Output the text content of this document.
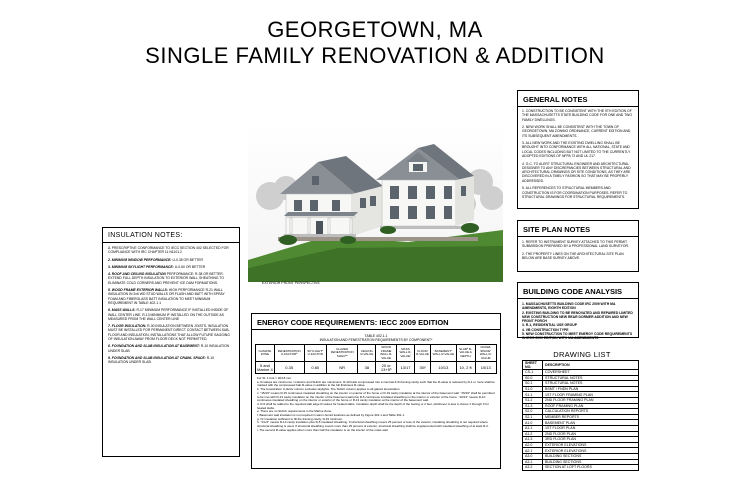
GEORGETOWN, MA
SINGLE FAMILY RENOVATION & ADDITION
GENERAL NOTES

1. CONSTRUCTION TO BE CONSISTENT WITH THE 9TH EDITION OF THE MASSACHUSETTS STATE BUILDING CODE FOR ONE AND TWO FAMILY DWELLINGS.

2. NEW WORK SHALL BE CONSISTENT WITH THE TOWN OF GEORGETOWN, MA ZONING ORDINANCE, CURRENT EDITION AND ITS SUBSEQUENT AMENDMENTS.

3. ALL NEW WORK AND THE EXISTING DWELLING SHALL BE BROUGHT INTO CONFORMANCE WITH ALL NATIONAL, STATE AND LOCAL CODES INCLUDING BUT NOT LIMITED TO THE CURRENTLY ADOPTED EDITIONS OF NFPA 72 AND UL 217.

4. G.C. TO ALERT STRUCTURAL ENGINEER AND ARCHITECTURAL DESIGNER TO ANY DISCREPANCIES BETWEEN STRUCTURAL AND ARCHITECTURAL DRAWINGS OR SITE CONDITIONS, AS THEY ARE DISCOVERED IN A TIMELY FASHION SO THAT MAY BE PROPERLY ADDRESSED.

5. ALL REFERENCES TO STRUCTURAL MEMBERS AND CONSTRUCTION IS FOR COORDINATION PURPOSES. REFER TO STRUCTURAL DRAWINGS FOR STRUCTURAL REQUIREMENTS.

SITE PLAN NOTES

1. REFER TO INSTRUMENT SURVEY ATTACHED TO THIS PERMIT SUBMISSION PREPARED BY A PROFESSIONAL LAND SURVEYOR.

2. THE PROPERTY LINES ON THE ARCHITECTURAL SITE PLAN BELOW ARE BASE SURVEY ABOVE.

BUILDING CODE ANALYSIS
1. MASSACHUSETTS BUILDING CODE IRC 2009 WITH MA AMENDMENTS, EIGHTH EDITION
2. EXISTING BUILDING TO BE RENOVATED AND REPAIRED LIMITED NEW CONSTRUCTION NEW REAR DORMER ADDITION AND NEW FRONT PORCH
3. R-1, RESIDENTIAL USE GROUP
4. VB CONSTRUCTION TYPE
5. NEW CONSTRUCTION TO MEET ENERGY CODE REQUIREMENTS IN IECC 2009 EDITION WITH MA AMENDMENTS
INSULATION NOTES:

1. PRESCRIPTIVE CONFORMANCE TO IECC SECTION 402 SELECTED FOR COMPLIANCE WITH IRC CHAPTER 11 N1101.2

2. MINIMUM WINDOW PERFORMANCE: U-0.35 OR BETTER

3. MINIMUM SKYLIGHT PERFORMANCE: U-0.60 OR BETTER

4. ROOF AND CEILING INSULATION PERFORMANCE: R-38 OR BETTER. EXTEND FULL DEPTH INSULATION TO EXTERIOR WALL SHEATHING TO ELIMINATE COLD CORNERS AND PREVENT ICE DAM FORMATIONS.

5. WOOD FRAME EXTERIOR WALLS: HIGH PERFORMANCE R-21 WALL INSULATION IN 2x6 WD STUD WALLS OR FLASH AND BATT WITH SPRAY FOAM AND FIBERGLASS BATT INSULATION TO MEET MINIMUM REQUIREMENT IN TABLE 402.1.1

6. MASS WALLS: R-17 MINIMUM PERFORMANCE IF INSTALLED INSIDE OF WALL CENTER LINE. R-13 MINIMUM IF INSTALLED ON THE OUTSIDE AS MEASURED FROM THE WALL CENTER LINE

7. FLOOR INSULATION: R-30 INSULATION BETWEEN JOISTS. INSULATION MUST BE INSTALLED FOR PERMANENT DIRECT CONTACT BETWEEN SUB-FLOOR AND INSULATION. INSTALLATIONS THAT ALLOW FUTURE SAGGING OF INSULATION AWAY FROM FLOOR DECK NOT PERMITTED.

8. FOUNDATION AND SLAB INSULATION AT BASEMENT: R-10 INSULATION UNDER SLAB

9. FOUNDATION AND SLAB INSULATION AT CRAWL SPACE: R-10 INSULATION UNDER SLAB

EXTERIOR FRONT PERSPECTIVE
ENERGY CODE REQUIREMENTS: IECC 2009 EDITION
TABLE 402.1.1
INSULATION AND FENESTRATION REQUIREMENTS BY COMPONENT*
CLIMATE ZONE	FENESTRATION U-FACTORᵇ	SKYLIGHTᵇ U-FACTOR	GLAZED FENESTRATION SHGCᵇᵉ	CEILING R-VALUE	WOOD FRAME WALL R-VALUE	MASS WALL R-VALUEⁱ	FLOOR R-VALUE	BASEMENTᶜ WALL R-VALUE	SLABᵈ R-VALUE & DEPTH	CRAWL SPACEᶜ WALL R-VALUE
5 and Marine 4	0.35	0.60	NR	38	20 or 13+5ʰ	13/17	30ᵍ	10/13	10, 2 ft	10/13

For SI: 1 foot = 304.8 mm.

a. R-values are minimums. U-factors and SHGC are maximums. R-19 batts compressed into a nominal 2×6 framing cavity such that the R-value is reduced by R-1 or more shall be marked with the compressed batt R-value in addition to the full thickness R-value.

b. The fenestration U-factor column excludes skylights. The SHGC column applies to all glazed fenestration.

c. "15/19" means R-15 continuous insulated sheathing on the interior or exterior of the home or R-19 cavity insulation at the interior of the basement wall. "15/19" shall be permitted to be met with R-13 cavity insulation on the interior of the basement wall plus R-5 continuous insulated sheathing on the interior or exterior of the home. "10/13" means R-10 continuous insulated sheathing on the interior or exterior of the home or R-13 cavity insulation at the interior of the basement wall.

d. R-5 shall be added to the required slab edge R-values for heated slabs. Insulation depth shall be the depth of the footing or 2 feet, whichever is less in Zones 1 through 3 for heated slabs.

e. There are no SHGC requirements in the Marine Zone.

f. Basement wall insulation is not required in warm-humid locations as defined by Figure 301.1 and Table 301.1.

g. Or insulation sufficient to fill the framing cavity, R-19 minimum.

h. "13+5" means R-13 cavity insulation plus R-5 insulated sheathing. If structural sheathing covers 25 percent or less of the exterior, insulating sheathing is not required where structural sheathing is used. If structural sheathing covers more than 25 percent of exterior, structural sheathing shall be supplemented with insulated sheathing of at least R-2.

i. The second R-value applies when more than half the insulation is on the interior of the mass wall.

DRAWING LIST
SHEET NO.	DESCRIPTION
CS-1	COVERSHEET
S0.0	STRUCTURAL NOTES
S0.1	STRUCTURAL NOTES
S1.0	BSMT / FNDN PLAN
S1.1	1ST FLOOR FRAMING PLAN
S1.2	2ND FLOOR FRAMING PLAN
S1.3	ROOF FRAMING PLAN
S2.0	CALCULATION REPORTS
S2.1	MEMBER REPORTS
A1.0	BASEMENT PLAN
A1.1	1ST FLOOR PLAN
A1.2	2ND FLOOR PLAN
A1.3	3RD FLOOR PLAN
A2.0	EXTERIOR ELEVATIONS
A2.1	EXTERIOR ELEVATIONS
A3.0	BUILDING SECTIONS
A3.1	BUILDING SECTIONS
A3.2	SECTION AT LOFT FLOORS
